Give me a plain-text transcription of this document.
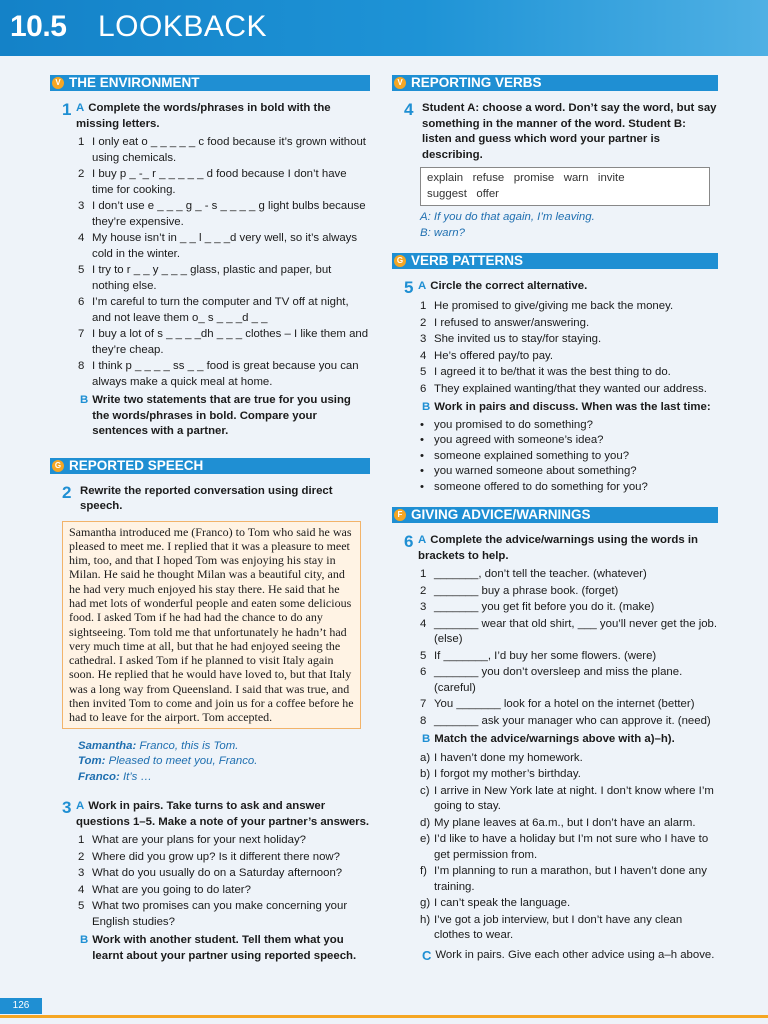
10.5 LOOKBACK
V THE ENVIRONMENT
1 A Complete the words/phrases in bold with the missing letters.
1 I only eat o _ _ _ _ _ c food because it’s grown without using chemicals.
2 I buy p _ -_ r _ _ _ _ _ d food because I don’t have time for cooking.
3 I don’t use e _ _ _ g _ - s _ _ _ _ g light bulbs because they’re expensive.
4 My house isn’t in _ _ l _ _ _d very well, so it’s always cold in the winter.
5 I try to r _ _ y _ _ _ glass, plastic and paper, but nothing else.
6 I’m careful to turn the computer and TV off at night, and not leave them o_ s _ _ _d _ _
7 I buy a lot of s _ _ _ _dh _ _ _ clothes – I like them and they’re cheap.
8 I think p _ _ _ _ ss _ _ food is great because you can always make a quick meal at home.
B Write two statements that are true for you using the words/phrases in bold. Compare your sentences with a partner.
G REPORTED SPEECH
2 Rewrite the reported conversation using direct speech.
Samantha introduced me (Franco) to Tom who said he was pleased to meet me. I replied that it was a pleasure to meet him, too, and that I hoped Tom was enjoying his stay in Milan. He said he thought Milan was a beautiful city, and he had very much enjoyed his stay there. He said that he had met lots of wonderful people and eaten some delicious food. I asked Tom if he had had the chance to do any sightseeing. Tom told me that unfortunately he hadn’t had very much time at all, but that he had enjoyed seeing the cathedral. I asked Tom if he planned to visit Italy again soon. He replied that he would have loved to, but that Italy was a long way from Queensland. I said that was true, and then invited Tom to come and join us for a coffee before he had to leave for the airport. Tom accepted.
Samantha: Franco, this is Tom.
Tom: Pleased to meet you, Franco.
Franco: It’s …
3 A Work in pairs. Take turns to ask and answer questions 1–5. Make a note of your partner’s answers.
1 What are your plans for your next holiday?
2 Where did you grow up? Is it different there now?
3 What do you usually do on a Saturday afternoon?
4 What are you going to do later?
5 What two promises can you make concerning your English studies?
B Work with another student. Tell them what you learnt about your partner using reported speech.
V REPORTING VERBS
4 Student A: choose a word. Don’t say the word, but say something in the manner of the word. Student B: listen and guess which word your partner is describing.
explain   refuse   promise   warn   invite
suggest   offer
A: If you do that again, I’m leaving.
B: warn?
G VERB PATTERNS
5 A Circle the correct alternative.
1 He promised to give/giving me back the money.
2 I refused to answer/answering.
3 She invited us to stay/for staying.
4 He’s offered pay/to pay.
5 I agreed it to be/that it was the best thing to do.
6 They explained wanting/that they wanted our address.
B Work in pairs and discuss. When was the last time:
• you promised to do something?
• you agreed with someone’s idea?
• someone explained something to you?
• you warned someone about something?
• someone offered to do something for you?
F GIVING ADVICE/WARNINGS
6 A Complete the advice/warnings using the words in brackets to help.
1 _______, don’t tell the teacher. (whatever)
2 _______ buy a phrase book. (forget)
3 _______ you get fit before you do it. (make)
4 _______ wear that old shirt, ___ you’ll never get the job. (else)
5 If _______, I’d buy her some flowers. (were)
6 _______ you don’t oversleep and miss the plane. (careful)
7 You _______ look for a hotel on the internet (better)
8 _______ ask your manager who can approve it. (need)
B Match the advice/warnings above with a)–h).
a) I haven’t done my homework.
b) I forgot my mother’s birthday.
c) I arrive in New York late at night. I don’t know where I’m going to stay.
d) My plane leaves at 6a.m., but I don’t have an alarm.
e) I’d like to have a holiday but I’m not sure who I have to get permission from.
f) I’m planning to run a marathon, but I haven’t done any training.
g) I can’t speak the language.
h) I’ve got a job interview, but I don’t have any clean clothes to wear.
C Work in pairs. Give each other advice using a–h above.
126
